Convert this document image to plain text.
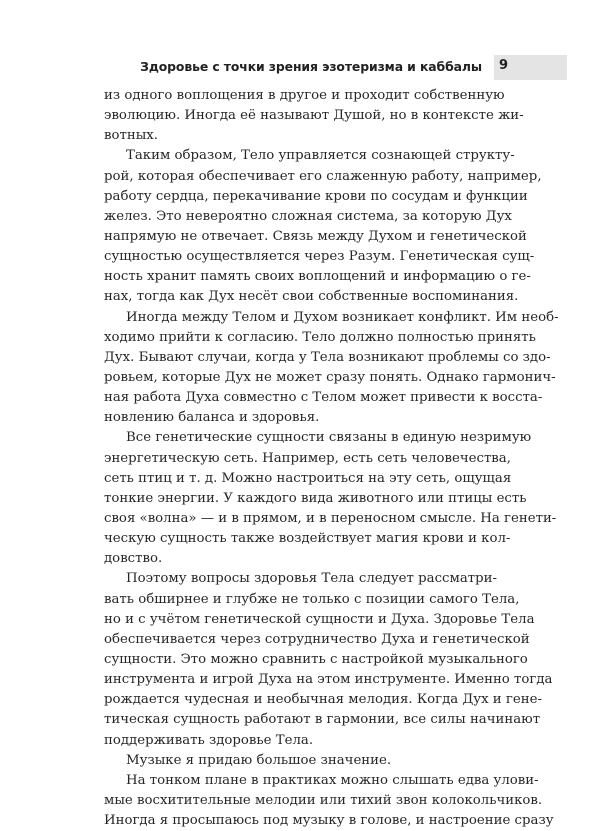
Здоровье с точки зрения эзотеризма и каббалы 9
из одного воплощения в другое и проходит собственную
эволюцию. Иногда её называют Душой, но в контексте жи-
вотных.
Таким образом, Тело управляется сознающей структу-
рой, которая обеспечивает его слаженную работу, например,
работу сердца, перекачивание крови по сосудам и функции
желез. Это невероятно сложная система, за которую Дух
напрямую не отвечает. Связь между Духом и генетической
сущностью осуществляется через Разум. Генетическая сущ-
ность хранит память своих воплощений и информацию о ге-
нах, тогда как Дух несёт свои собственные воспоминания.
Иногда между Телом и Духом возникает конфликт. Им необ-
ходимо прийти к согласию. Тело должно полностью принять
Дух. Бывают случаи, когда у Тела возникают проблемы со здо-
ровьем, которые Дух не может сразу понять. Однако гармонич-
ная работа Духа совместно с Телом может привести к восста-
новлению баланса и здоровья.
Все генетические сущности связаны в единую незримую
энергетическую сеть. Например, есть сеть человечества,
сеть птиц и т. д. Можно настроиться на эту сеть, ощущая
тонкие энергии. У каждого вида животного или птицы есть
своя «волна» — и в прямом, и в переносном смысле. На генети-
ческую сущность также воздействует магия крови и кол-
довство.
Поэтому вопросы здоровья Тела следует рассматри-
вать обширнее и глубже не только с позиции самого Тела,
но и с учётом генетической сущности и Духа. Здоровье Тела
обеспечивается через сотрудничество Духа и генетической
сущности. Это можно сравнить с настройкой музыкального
инструмента и игрой Духа на этом инструменте. Именно тогда
рождается чудесная и необычная мелодия. Когда Дух и гене-
тическая сущность работают в гармонии, все силы начинают
поддерживать здоровье Тела.
Музыке я придаю большое значение.
На тонком плане в практиках можно слышать едва улови-
мые восхитительные мелодии или тихий звон колокольчиков.
Иногда я просыпаюсь под музыку в голове, и настроение сразу
